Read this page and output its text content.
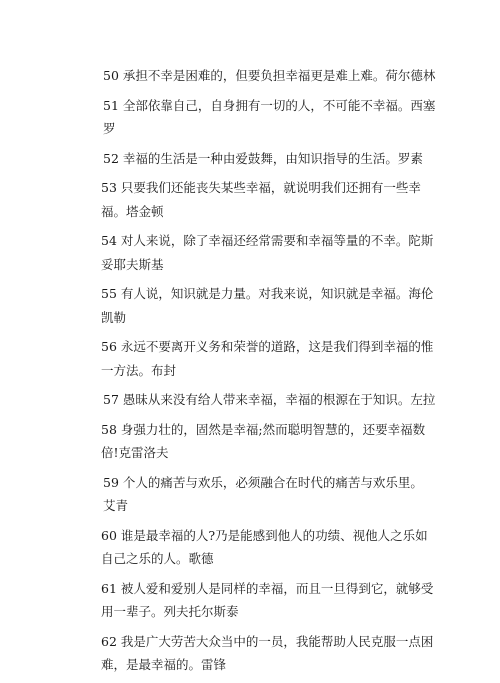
50 承担不幸是困难的，但要负担幸福更是难上难。荷尔德林

51 全部依靠自己，自身拥有一切的人，不可能不幸福。西塞罗

52 幸福的生活是一种由爱鼓舞，由知识指导的生活。罗素

53 只要我们还能丧失某些幸福，就说明我们还拥有一些幸福。塔金顿

54 对人来说，除了幸福还经常需要和幸福等量的不幸。陀斯妥耶夫斯基

55 有人说，知识就是力量。对我来说，知识就是幸福。海伦凯勒

56 永远不要离开义务和荣誉的道路，这是我们得到幸福的惟一方法。布封

57 愚昧从来没有给人带来幸福，幸福的根源在于知识。左拉

58 身强力壮的，固然是幸福;然而聪明智慧的，还要幸福数倍!克雷洛夫

59 个人的痛苦与欢乐，必须融合在时代的痛苦与欢乐里。 艾青

60 谁是最幸福的人?乃是能感到他人的功绩、视他人之乐如自己之乐的人。歌德

61 被人爱和爱别人是同样的幸福，而且一旦得到它，就够受用一辈子。列夫托尔斯泰

62 我是广大劳苦大众当中的一员，我能帮助人民克服一点困难，是最幸福的。雷锋
